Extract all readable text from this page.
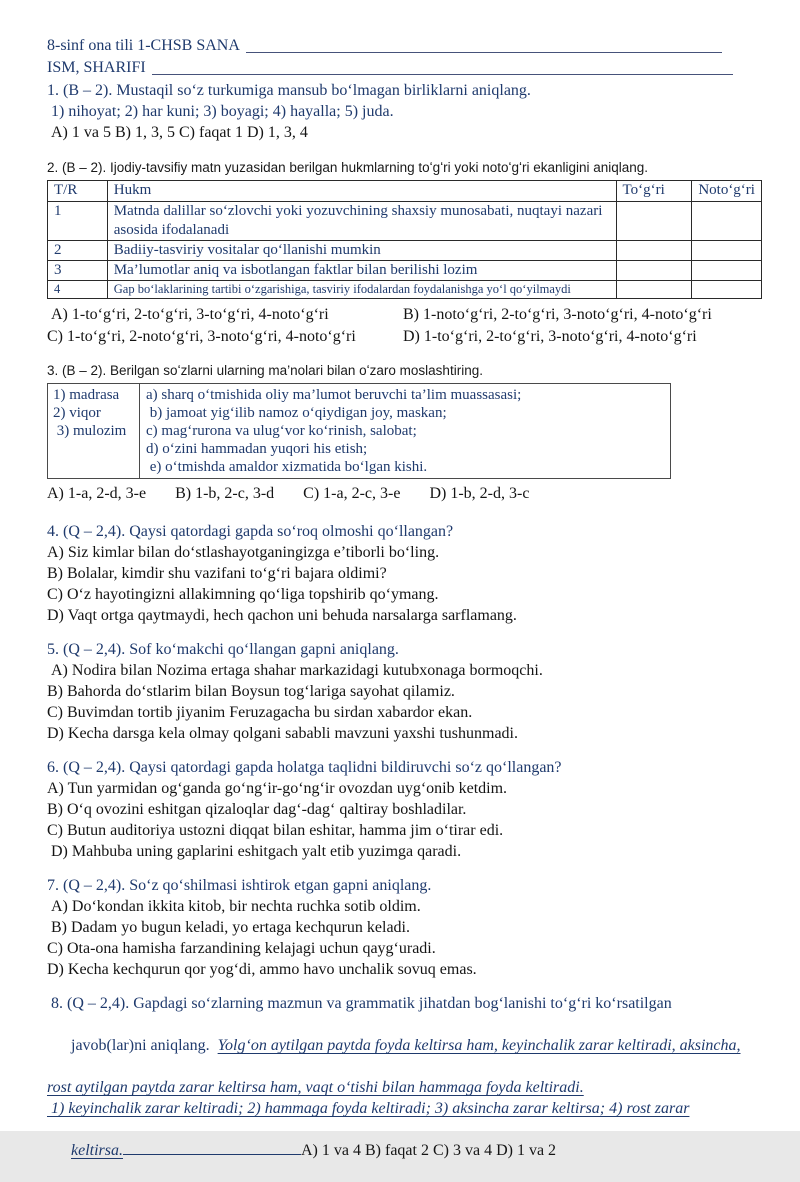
8-sinf ona tili 1-CHSB SANA
ISM, SHARIFI
1. (B – 2). Mustaqil soʻz turkumiga mansub boʻlmagan birliklarni aniqlang.
1) nihoyat; 2) har kuni; 3) boyagi; 4) hayalla; 5) juda.
A) 1 va 5 B) 1, 3, 5 C) faqat 1 D) 1, 3, 4
2. (B – 2). Ijodiy-tavsifiy matn yuzasidan berilgan hukmlarning toʻgʻri yoki notoʻgʻri ekanligini aniqlang.
T/R	Hukm	Toʻgʻri	Notoʻgʻri
1	Matnda dalillar soʻzlovchi yoki yozuvchining shaxsiy munosabati, nuqtayi nazari asosida ifodalanadi		
2	Badiiy-tasviriy vositalar qoʻllanishi mumkin		
3	Ma’lumotlar aniq va isbotlangan faktlar bilan berilishi lozim		
4	Gap boʻlaklarining tartibi oʻzgarishiga, tasviriy ifodalardan foydalanishga yoʻl qoʻyilmaydi		
A) 1-toʻgʻri, 2-toʻgʻri, 3-toʻgʻri, 4-notoʻgʻri	B) 1-notoʻgʻri, 2-toʻgʻri, 3-notoʻgʻri, 4-notoʻgʻri
C) 1-toʻgʻri, 2-notoʻgʻri, 3-notoʻgʻri, 4-notoʻgʻri	D) 1-toʻgʻri, 2-toʻgʻri, 3-notoʻgʻri, 4-notoʻgʻri
3. (B – 2). Berilgan soʻzlarni ularning ma’nolari bilan oʻzaro moslashtiring.
1) madrasa
2) viqor
3) mulozim
a) sharq oʻtmishida oliy ma’lumot beruvchi ta’lim muassasasi;
b) jamoat yigʻilib namoz oʻqiydigan joy, maskan;
c) magʻrurona va ulugʻvor koʻrinish, salobat;
d) oʻzini hammadan yuqori his etish;
e) oʻtmishda amaldor xizmatida boʻlgan kishi.
A) 1-a, 2-d, 3-e B) 1-b, 2-c, 3-d C) 1-a, 2-c, 3-e D) 1-b, 2-d, 3-c
4. (Q – 2,4). Qaysi qatordagi gapda soʻroq olmoshi qoʻllangan?
A) Siz kimlar bilan doʻstlashayotganingizga e’tiborli boʻling.
B) Bolalar, kimdir shu vazifani toʻgʻri bajara oldimi?
C) Oʻz hayotingizni allakimning qoʻliga topshirib qoʻymang.
D) Vaqt ortga qaytmaydi, hech qachon uni behuda narsalarga sarflamang.
5. (Q – 2,4). Sof koʻmakchi qoʻllangan gapni aniqlang.
A) Nodira bilan Nozima ertaga shahar markazidagi kutubxonaga bormoqchi.
B) Bahorda doʻstlarim bilan Boysun togʻlariga sayohat qilamiz.
C) Buvimdan tortib jiyanim Feruzagacha bu sirdan xabardor ekan.
D) Kecha darsga kela olmay qolgani sababli mavzuni yaxshi tushunmadi.
6. (Q – 2,4). Qaysi qatordagi gapda holatga taqlidni bildiruvchi soʻz qoʻllangan?
A) Tun yarmidan ogʻganda goʻngʻir-goʻngʻir ovozdan uygʻonib ketdim.
B) Oʻq ovozini eshitgan qizaloqlar dagʻ-dagʻ qaltiray boshladilar.
C) Butun auditoriya ustozni diqqat bilan eshitar, hamma jim oʻtirar edi.
D) Mahbuba uning gaplarini eshitgach yalt etib yuzimga qaradi.
7. (Q – 2,4). Soʻz qoʻshilmasi ishtirok etgan gapni aniqlang.
A) Doʻkondan ikkita kitob, bir nechta ruchka sotib oldim.
B) Dadam yo bugun keladi, yo ertaga kechqurun keladi.
C) Ota-ona hamisha farzandining kelajagi uchun qaygʻuradi.
D) Kecha kechqurun qor yogʻdi, ammo havo unchalik sovuq emas.
8. (Q – 2,4). Gapdagi soʻzlarning mazmun va grammatik jihatdan bogʻlanishi toʻgʻri koʻrsatilgan

javob(lar)ni aniqlang.  Yolgʻon aytilgan paytda foyda keltirsa ham, keyinchalik zarar keltiradi, aksincha,

rost aytilgan paytda zarar keltirsa ham, vaqt oʻtishi bilan hammaga foyda keltiradi.
1) keyinchalik zarar keltiradi; 2) hammaga foyda keltiradi; 3) aksincha zarar keltirsa; 4) rost zarar

keltirsa.	A) 1 va 4 B) faqat 2 C) 3 va 4 D) 1 va 2
